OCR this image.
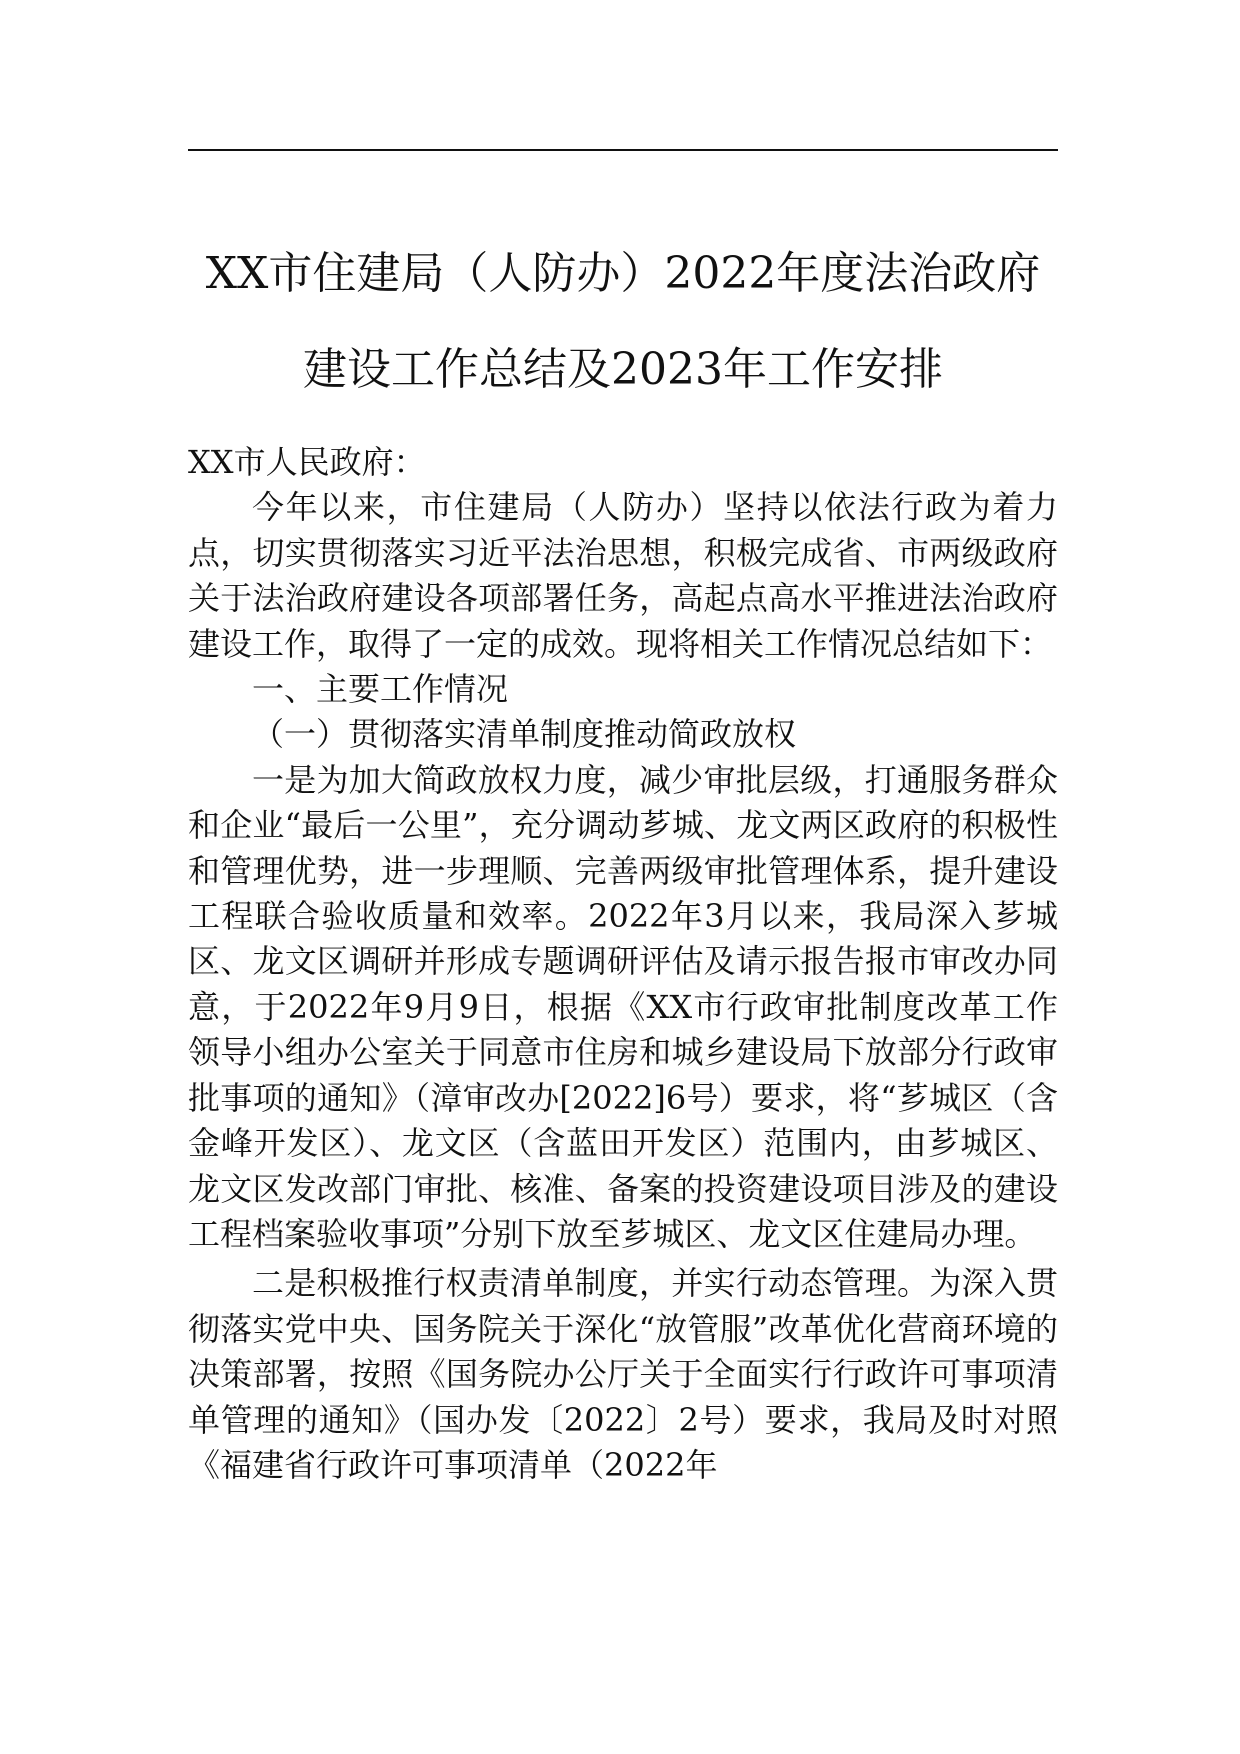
XX市住建局（人防办）2022年度法治政府
建设工作总结及2023年工作安排

XX市人民政府：

今年以来，市住建局（人防办）坚持以依法行政为着力点，切实贯彻落实习近平法治思想，积极完成省、市两级政府关于法治政府建设各项部署任务，高起点高水平推进法治政府建设工作，取得了一定的成效。现将相关工作情况总结如下：

一、主要工作情况

（一）贯彻落实清单制度推动简政放权

一是为加大简政放权力度，减少审批层级，打通服务群众和企业“最后一公里”，充分调动芗城、龙文两区政府的积极性和管理优势，进一步理顺、完善两级审批管理体系，提升建设工程联合验收质量和效率。2022年3月以来，我局深入芗城区、龙文区调研并形成专题调研评估及请示报告报市审改办同意，于2022年9月9日，根据《XX市行政审批制度改革工作领导小组办公室关于同意市住房和城乡建设局下放部分行政审批事项的通知》（漳审改办[2022]6号）要求，将“芗城区（含金峰开发区）、龙文区（含蓝田开发区）范围内，由芗城区、龙文区发改部门审批、核准、备案的投资建设项目涉及的建设工程档案验收事项”分别下放至芗城区、龙文区住建局办理。

二是积极推行权责清单制度，并实行动态管理。为深入贯彻落实党中央、国务院关于深化“放管服”改革优化营商环境的决策部署，按照《国务院办公厅关于全面实行行政许可事项清单管理的通知》（国办发〔2022〕2号）要求，我局及时对照《福建省行政许可事项清单（2022年
